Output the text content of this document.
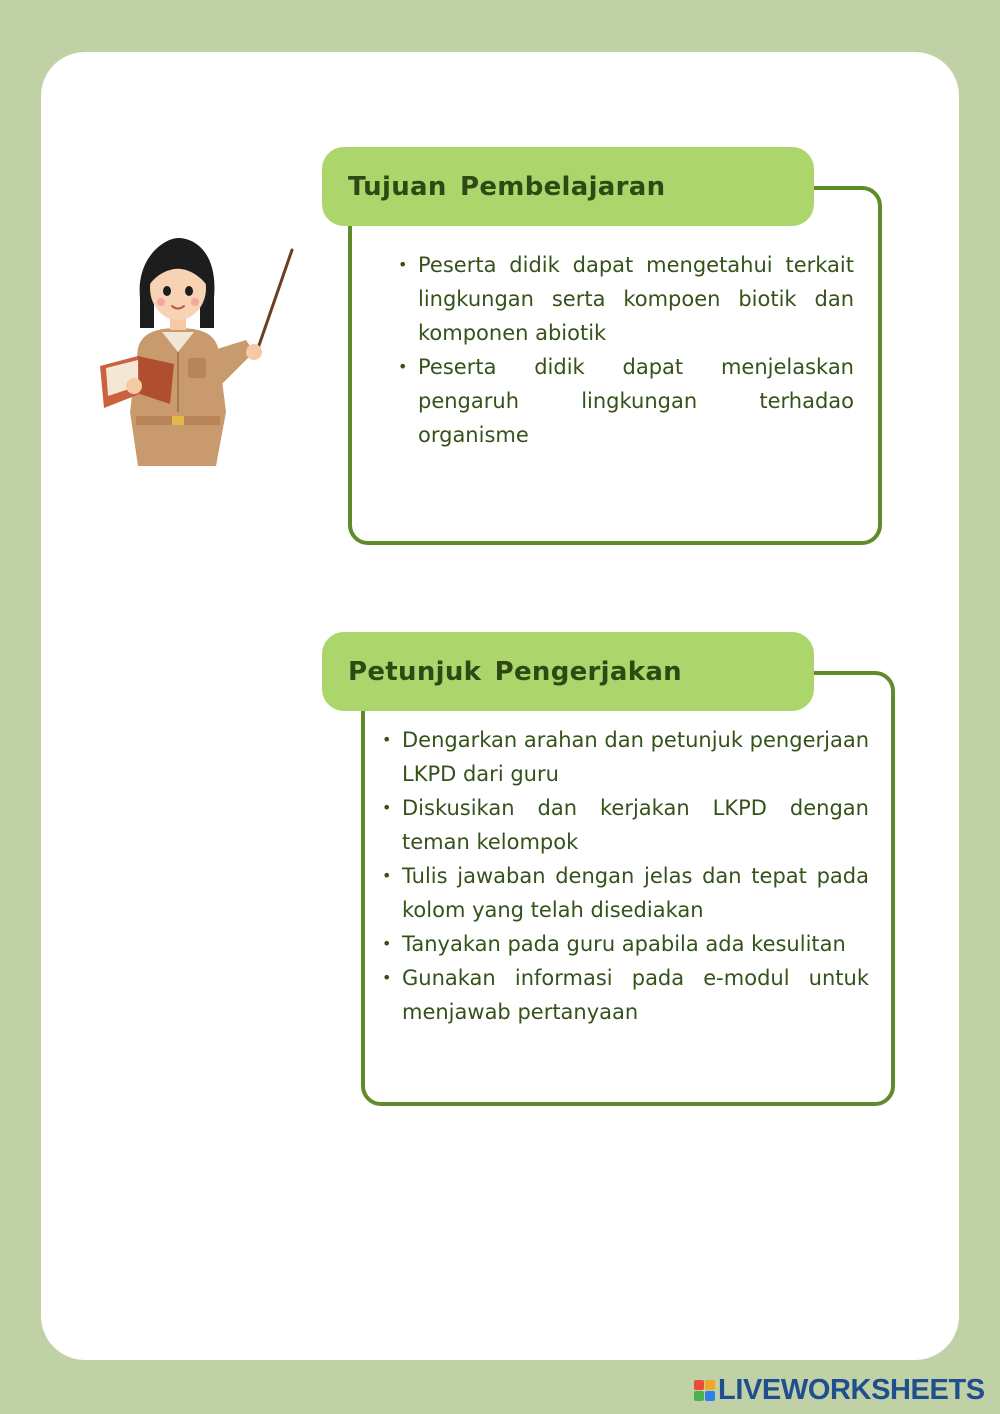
Tujuan Pembelajaran
• Peserta didik dapat mengetahui terkait lingkungan serta kompoen biotik dan komponen abiotik
• Peserta didik dapat menjelaskan pengaruh lingkungan terhadao organisme
Petunjuk Pengerjakan
• Dengarkan arahan dan petunjuk pengerjaan LKPD dari guru
• Diskusikan dan kerjakan LKPD dengan teman kelompok
• Tulis jawaban dengan jelas dan tepat pada kolom yang telah disediakan
• Tanyakan pada guru apabila ada kesulitan
• Gunakan informasi pada e-modul untuk menjawab pertanyaan
LIVEWORKSHEETS
